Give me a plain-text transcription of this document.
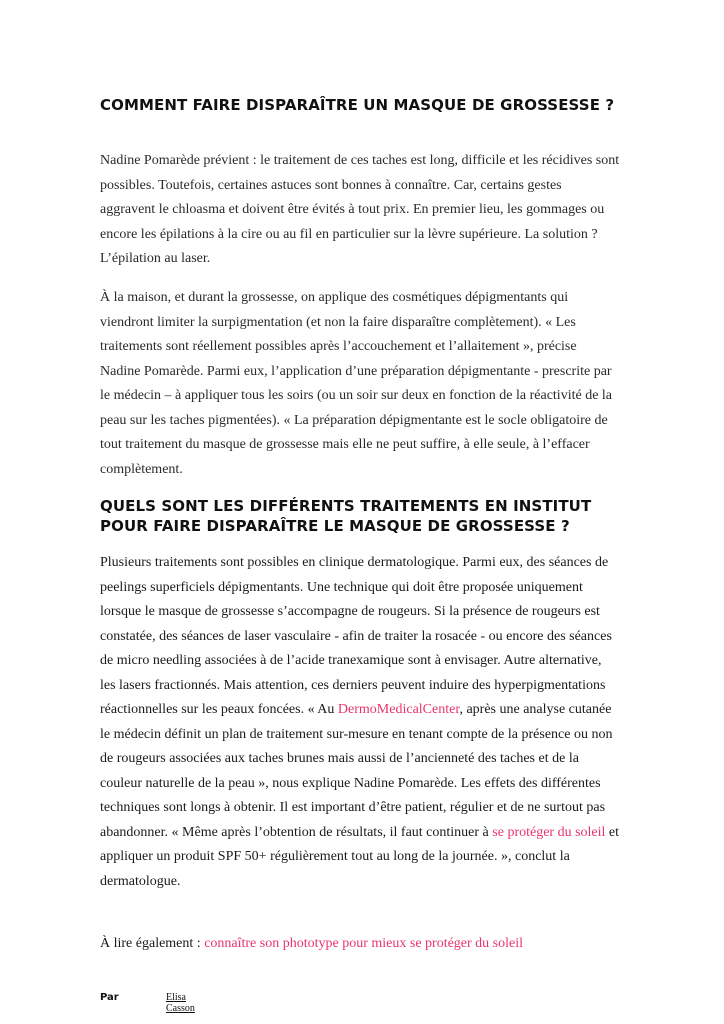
COMMENT FAIRE DISPARAÎTRE UN MASQUE DE GROSSESSE ?

Nadine Pomarède prévient : le traitement de ces taches est long, difficile et les récidives sont possibles. Toutefois, certaines astuces sont bonnes à connaître. Car, certains gestes aggravent le chloasma et doivent être évités à tout prix. En premier lieu, les gommages ou encore les épilations à la cire ou au fil en particulier sur la lèvre supérieure. La solution ? L’épilation au laser.

À la maison, et durant la grossesse, on applique des cosmétiques dépigmentants qui viendront limiter la surpigmentation (et non la faire disparaître complètement). « Les traitements sont réellement possibles après l’accouchement et l’allaitement », précise Nadine Pomarède. Parmi eux, l’application d’une préparation dépigmentante - prescrite par le médecin – à appliquer tous les soirs (ou un soir sur deux en fonction de la réactivité de la peau sur les taches pigmentées). « La préparation dépigmentante est le socle obligatoire de tout traitement du masque de grossesse mais elle ne peut suffire, à elle seule, à l’effacer complètement.

QUELS SONT LES DIFFÉRENTS TRAITEMENTS EN INSTITUT POUR FAIRE DISPARAÎTRE LE MASQUE DE GROSSESSE ?

Plusieurs traitements sont possibles en clinique dermatologique. Parmi eux, des séances de peelings superficiels dépigmentants. Une technique qui doit être proposée uniquement lorsque le masque de grossesse s’accompagne de rougeurs. Si la présence de rougeurs est constatée, des séances de laser vasculaire - afin de traiter la rosacée - ou encore des séances de micro needling associées à de l’acide tranexamique sont à envisager. Autre alternative, les lasers fractionnés. Mais attention, ces derniers peuvent induire des hyperpigmentations réactionnelles sur les peaux foncées. « Au DermoMedicalCenter, après une analyse cutanée le médecin définit un plan de traitement sur-mesure en tenant compte de la présence ou non de rougeurs associées aux taches brunes mais aussi de l’ancienneté des taches et de la couleur naturelle de la peau », nous explique Nadine Pomarède. Les effets des différentes techniques sont longs à obtenir. Il est important d’être patient, régulier et de ne surtout pas abandonner. « Même après l’obtention de résultats, il faut continuer à se protéger du soleil et appliquer un produit SPF 50+ régulièrement tout au long de la journée. », conclut la dermatologue.

À lire également : connaître son phototype pour mieux se protéger du soleil

Par	Elisa Casson
